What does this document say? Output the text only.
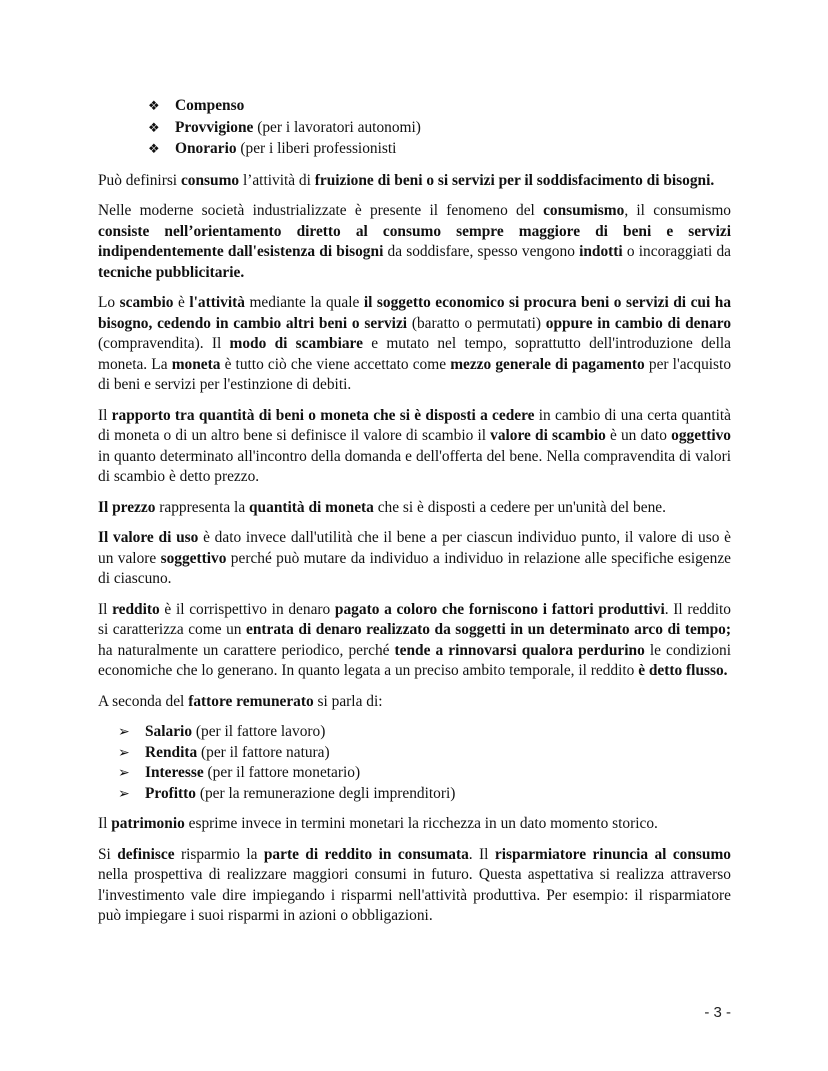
❖ Compenso
❖ Provvigione (per i lavoratori autonomi)
❖ Onorario (per i liberi professionisti

Può definirsi consumo l’attività di fruizione di beni o si servizi per il soddisfacimento di bisogni.

Nelle moderne società industrializzate è presente il fenomeno del consumismo, il consumismo consiste nell’orientamento diretto al consumo sempre maggiore di beni e servizi indipendentemente dall'esistenza di bisogni da soddisfare, spesso vengono indotti o incoraggiati da tecniche pubblicitarie.

Lo scambio è l'attività mediante la quale il soggetto economico si procura beni o servizi di cui ha bisogno, cedendo in cambio altri beni o servizi (baratto o permutati) oppure in cambio di denaro (compravendita). Il modo di scambiare e mutato nel tempo, soprattutto dell'introduzione della moneta. La moneta è tutto ciò che viene accettato come mezzo generale di pagamento per l'acquisto di beni e servizi per l'estinzione di debiti.

Il rapporto tra quantità di beni o moneta che si è disposti a cedere in cambio di una certa quantità di moneta o di un altro bene si definisce il valore di scambio il valore di scambio è un dato oggettivo in quanto determinato all'incontro della domanda e dell'offerta del bene. Nella compravendita di valori di scambio è detto prezzo.

Il prezzo rappresenta la quantità di moneta che si è disposti a cedere per un'unità del bene.

Il valore di uso è dato invece dall'utilità che il bene a per ciascun individuo punto, il valore di uso è un valore soggettivo perché può mutare da individuo a individuo in relazione alle specifiche esigenze di ciascuno.

Il reddito è il corrispettivo in denaro pagato a coloro che forniscono i fattori produttivi. Il reddito si caratterizza come un entrata di denaro realizzato da soggetti in un determinato arco di tempo; ha naturalmente un carattere periodico, perché tende a rinnovarsi qualora perdurino le condizioni economiche che lo generano. In quanto legata a un preciso ambito temporale, il reddito è detto flusso.

A seconda del fattore remunerato si parla di:

➢ Salario (per il fattore lavoro)
➢ Rendita (per il fattore natura)
➢ Interesse (per il fattore monetario)
➢ Profitto (per la remunerazione degli imprenditori)

Il patrimonio esprime invece in termini monetari la ricchezza in un dato momento storico.

Si definisce risparmio la parte di reddito in consumata. Il risparmiatore rinuncia al consumo nella prospettiva di realizzare maggiori consumi in futuro. Questa aspettativa si realizza attraverso l'investimento vale dire impiegando i risparmi nell'attività produttiva. Per esempio: il risparmiatore può impiegare i suoi risparmi in azioni o obbligazioni.

- 3 -
